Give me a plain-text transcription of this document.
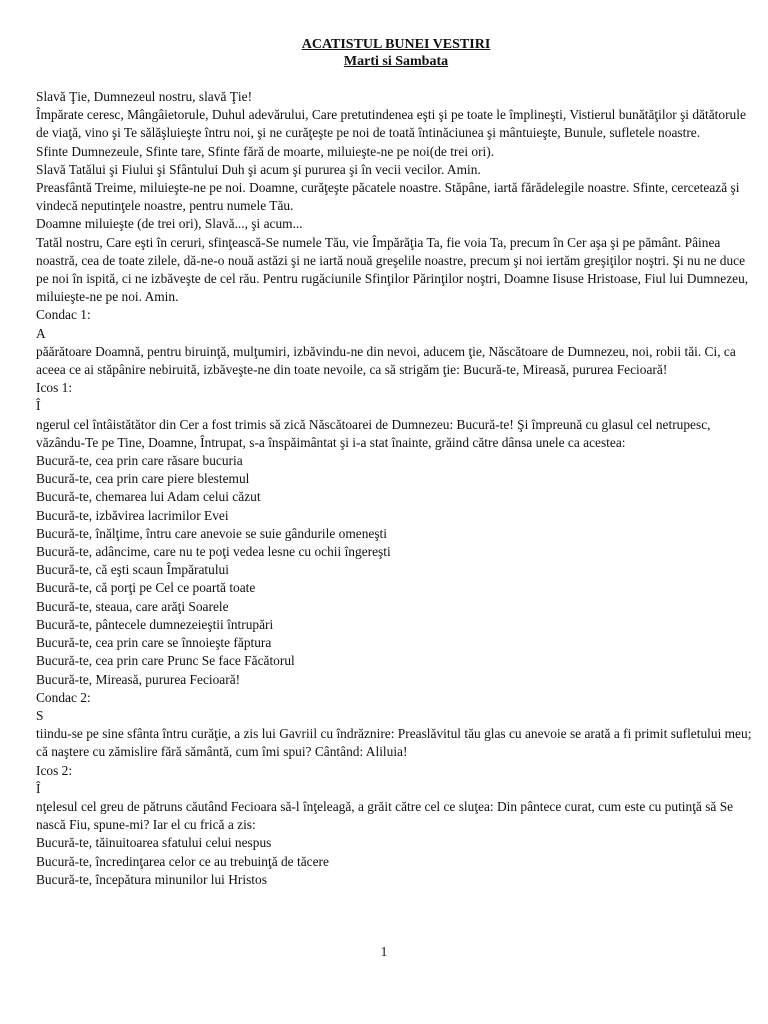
ACATISTUL BUNEI VESTIRI
Marti si Sambata

Slavă Ţie, Dumnezeul nostru, slavă Ţie!

Împărate ceresc, Mângâietorule, Duhul adevărului, Care pretutindenea eşti şi pe toate le împlineşti, Vistierul bunătăţilor şi dătătorule de viaţă, vino şi Te sălăşluieşte întru noi, şi ne curăţeşte pe noi de toată întinăciunea şi mântuieşte, Bunule, sufletele noastre.

Sfinte Dumnezeule, Sfinte tare, Sfinte fără de moarte, miluieşte-ne pe noi(de trei ori).

Slavă Tatălui şi Fiului şi Sfântului Duh şi acum şi pururea şi în vecii vecilor. Amin.

Preasfântă Treime, miluieşte-ne pe noi. Doamne, curăţeşte păcatele noastre. Stăpâne, iartă fărădelegile noastre. Sfinte, cercetează şi vindecă neputinţele noastre, pentru numele Tău.

Doamne miluieşte (de trei ori), Slavă..., şi acum...

Tatăl nostru, Care eşti în ceruri, sfinţească-Se numele Tău, vie Împărăţia Ta, fie voia Ta, precum în Cer aşa şi pe pământ. Pâinea noastră, cea de toate zilele, dă-ne-o nouă astăzi şi ne iartă nouă greşelile noastre, precum şi noi iertăm greşiţilor noştri. Şi nu ne duce pe noi în ispită, ci ne izbăveşte de cel rău. Pentru rugăciunile Sfinţilor Părinţilor noştri, Doamne Iisuse Hristoase, Fiul lui Dumnezeu, miluieşte-ne pe noi. Amin.

Condac 1:

A

păărătoare Doamnă, pentru biruinţă, mulţumiri, izbăvindu-ne din nevoi, aducem ţie, Născătoare de Dumnezeu, noi, robii tăi. Ci, ca aceea ce ai stăpânire nebiruită, izbăveşte-ne din toate nevoile, ca să strigăm ţie: Bucură-te, Mireasă, pururea Fecioară!

Icos 1:

Î

ngerul cel întâistătător din Cer a fost trimis să zică Născătoarei de Dumnezeu: Bucură-te! Şi împreună cu glasul cel netrupesc, văzându-Te pe Tine, Doamne, Întrupat, s-a înspăimântat şi i-a stat înainte, grăind către dânsa unele ca acestea:

Bucură-te, cea prin care răsare bucuria

Bucură-te, cea prin care piere blestemul

Bucură-te, chemarea lui Adam celui căzut

Bucură-te, izbăvirea lacrimilor Evei

Bucură-te, înălţime, întru care anevoie se suie gândurile omeneşti

Bucură-te, adâncime, care nu te poţi vedea lesne cu ochii îngereşti

Bucură-te, că eşti scaun Împăratului

Bucură-te, că porţi pe Cel ce poartă toate

Bucură-te, steaua, care arăţi Soarele

Bucură-te, pântecele dumnezeieştii întrupări

Bucură-te, cea prin care se înnoieşte făptura

Bucură-te, cea prin care Prunc Se face Făcătorul

Bucură-te, Mireasă, pururea Fecioară!

Condac 2:

S

tiindu-se pe sine sfânta întru curăţie, a zis lui Gavriil cu îndrăznire: Preaslăvitul tău glas cu anevoie se arată a fi primit sufletului meu; că naştere cu zămislire fără sământă, cum îmi spui? Cântând: Aliluia!

Icos 2:

Î

nţelesul cel greu de pătruns căutând Fecioara să-l înţeleagă, a grăit către cel ce sluţea: Din pântece curat, cum este cu putinţă să Se nască Fiu, spune-mi? Iar el cu frică a zis:

Bucură-te, tăinuitoarea sfatului celui nespus

Bucură-te, încredinţarea celor ce au trebuinţă de tăcere

Bucură-te, începătura minunilor lui Hristos

1
